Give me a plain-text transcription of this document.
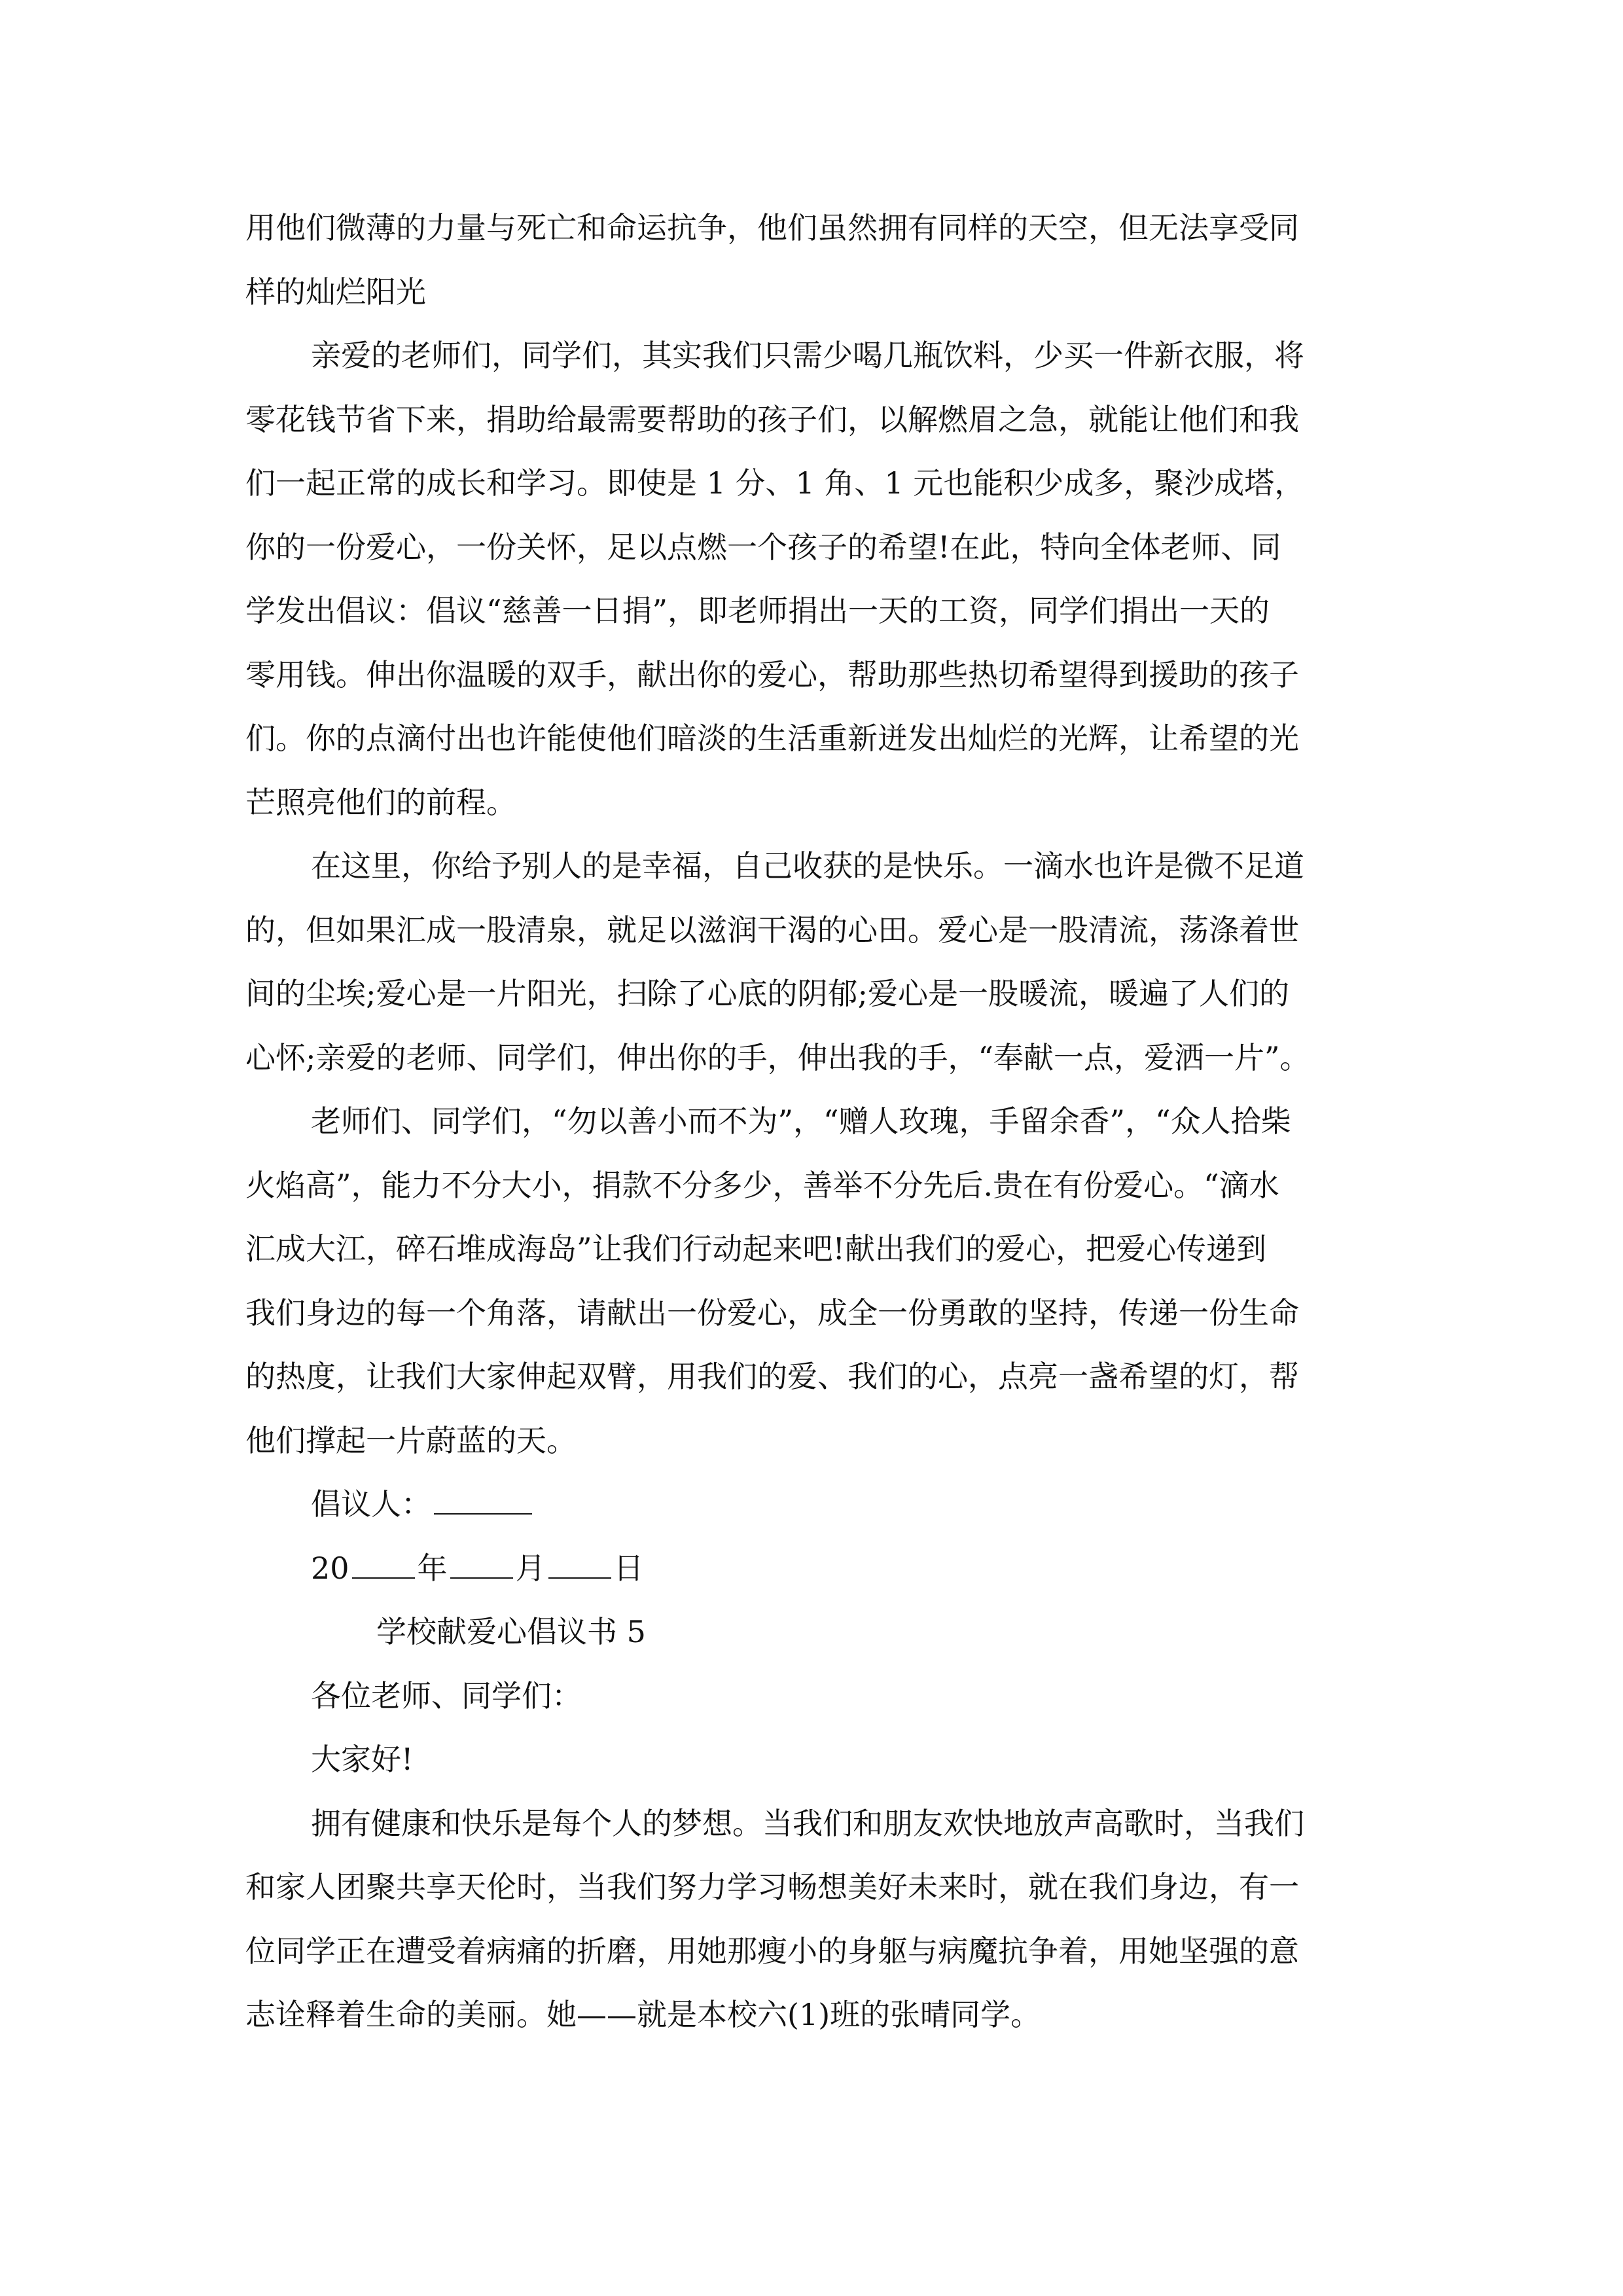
用他们微薄的力量与死亡和命运抗争，他们虽然拥有同样的天空，但无法享受同
样的灿烂阳光
亲爱的老师们，同学们，其实我们只需少喝几瓶饮料，少买一件新衣服，将
零花钱节省下来，捐助给最需要帮助的孩子们，以解燃眉之急，就能让他们和我
们一起正常的成长和学习。即使是 1 分、1 角、1 元也能积少成多，聚沙成塔，
你的一份爱心，一份关怀，足以点燃一个孩子的希望!在此，特向全体老师、同
学发出倡议：倡议“慈善一日捐”，即老师捐出一天的工资，同学们捐出一天的
零用钱。伸出你温暖的双手，献出你的爱心，帮助那些热切希望得到援助的孩子
们。你的点滴付出也许能使他们暗淡的生活重新迸发出灿烂的光辉，让希望的光
芒照亮他们的前程。
在这里，你给予别人的是幸福，自己收获的是快乐。一滴水也许是微不足道
的，但如果汇成一股清泉，就足以滋润干渴的心田。爱心是一股清流，荡涤着世
间的尘埃;爱心是一片阳光，扫除了心底的阴郁;爱心是一股暖流，暖遍了人们的
心怀;亲爱的老师、同学们，伸出你的手，伸出我的手，“奉献一点，爱洒一片”。
老师们、同学们，“勿以善小而不为”，“赠人玫瑰，手留余香”，“众人拾柴
火焰高”，能力不分大小，捐款不分多少，善举不分先后.贵在有份爱心。“滴水
汇成大江，碎石堆成海岛”让我们行动起来吧!献出我们的爱心，把爱心传递到
我们身边的每一个角落，请献出一份爱心，成全一份勇敢的坚持，传递一份生命
的热度，让我们大家伸起双臂，用我们的爱、我们的心，点亮一盏希望的灯，帮
他们撑起一片蔚蓝的天。
倡议人：
20 年 月 日
学校献爱心倡议书 5
各位老师、同学们：
大家好!
拥有健康和快乐是每个人的梦想。当我们和朋友欢快地放声高歌时，当我们
和家人团聚共享天伦时，当我们努力学习畅想美好未来时，就在我们身边，有一
位同学正在遭受着病痛的折磨，用她那瘦小的身躯与病魔抗争着，用她坚强的意
志诠释着生命的美丽。她——就是本校六(1)班的张晴同学。
